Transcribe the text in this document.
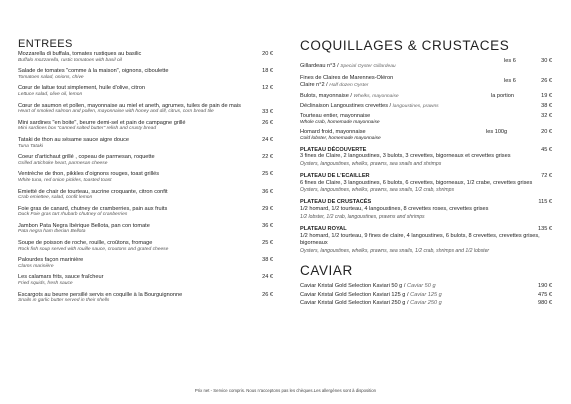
ENTREES
Mozzarella di buffala, tomates rustiques au basilic
Buffalo mozzarella, rustic tomatoes with basil oil
20 €
Salade de tomates "comme à la maison", oignons, ciboulette
Tomatoes salad, onions, chive
18 €
Cœur de laitue tout simplement, huile d'olive, citron
Lettuce salad, olive oil, lemon
12 €
Cœur de saumon et pollen, mayonnaise au miel et aneth, agrumes, tuiles de pain de mais
Heart of smoked salmon and pollen, mayonnaise with honey and dill, citrus, corn bread tile	33 €
Mini sardines "en boite", beurre demi-sel et pain de campagne grillé
Mini sardines box "canned salted butter" relish and crusty bread
26 €
Tataki de thon au sésame sauce aigre douce
Tuna Tataki
24 €
Coeur d'artichaut grillé , copeau de parmesan, roquette
Grilled artichoke heart, parmesan cheese
22 €
Ventrèche de thon, pikkles d'oignons rouges, toast grillés
White tuna, red onion pickles, toasted toast
25 €
Emietté de chair de tourteau, sucrine croquante, citron confit
Crab emiettee, salad, confit lemon
36 €
Foie gras de canard, chutney de cramberries, pain aux fruits
Duck Foie gras tart rhubarb chutney of cranberries
29 €
Jambon Pata Negra Ibérique Bellota, pan con tomate
Pata negra ham Iberian Bellota
36 €
Soupe de poisson de roche, rouille, croûtons, fromage
Rock fish soup served with rouille sauce, croutons and grated cheese
25 €
Palourdes façon marinière
Clams marinière
38 €
Les calamars frits, sauce fraîcheur
Fried squids, fresh sauce
24 €
Escargots au beurre persillé servis en coquille à la Bourguignonne
Snails in garlic butter served in their shells
26 €
COQUILLAGES & CRUSTACES
Gillardeau n°3 / Special Oyster Gillardeau
les 6	30 €
Fines de Claires de Marennes-Oléron
Claire n°2 / Half dozen Oyster
les 6	26 €
Bulots, mayonnaise / Whelks, mayonnaise	la portion	19 €
Déclinaison Langoustines crevettes / langoustines, prawns	38 €
Tourteau entier, mayonnaise
Whole crab, homemade mayonnaise
32 €
Homard froid, mayonnaise
Cold lobster, homemade mayonnaise
les 100g	20 €
PLATEAU DÉCOUVERTE	45 €
3 fines de Claire, 2 langoustines, 3 bulots, 3 crevettes, bigorneaux et crevettes grises
Oysters, langoustines, whelks, prawns, sea snails and shrimps
PLATEAU DE L'ECAILLER	72 €
6 fines de Claire, 3 langoustines, 6 bulots, 6 crevettes, bigorneaux, 1/2 crabe, crevettes grises
Oysters, langoustines, whelks, prawns, sea snails, 1/2 crab, shrimps
PLATEAU DE CRUSTACÉS	115 €
1/2 homard, 1/2 tourteau, 4 langoustines, 8 crevettes roses, crevettes grises
1/2 lobster, 1/2 crab, langoustines, prawns and shrimps
PLATEAU ROYAL	135 €
1/2 homard, 1/2 tourteau, 9 fines de claire, 4 langoustines, 6 bulots, 8 crevettes, crevettes grises, bigorneaux
Oysters, langoustines, whelks, prawns, sea snails, 1/2 crab, shrimps and 1/2 lobster
CAVIAR
Caviar Kristal Gold Selection Kaviari 50 g / Caviar 50 g	190 €
Caviar Kristal Gold Selection Kaviari 125 g / Caviar 125 g	475 €
Caviar Kristal Gold Selection Kaviari 250 g / Caviar 250 g	980 €
Prix net - Service compris. Nous n'acceptons pas les chèques.Les allergènes sont à disposition
